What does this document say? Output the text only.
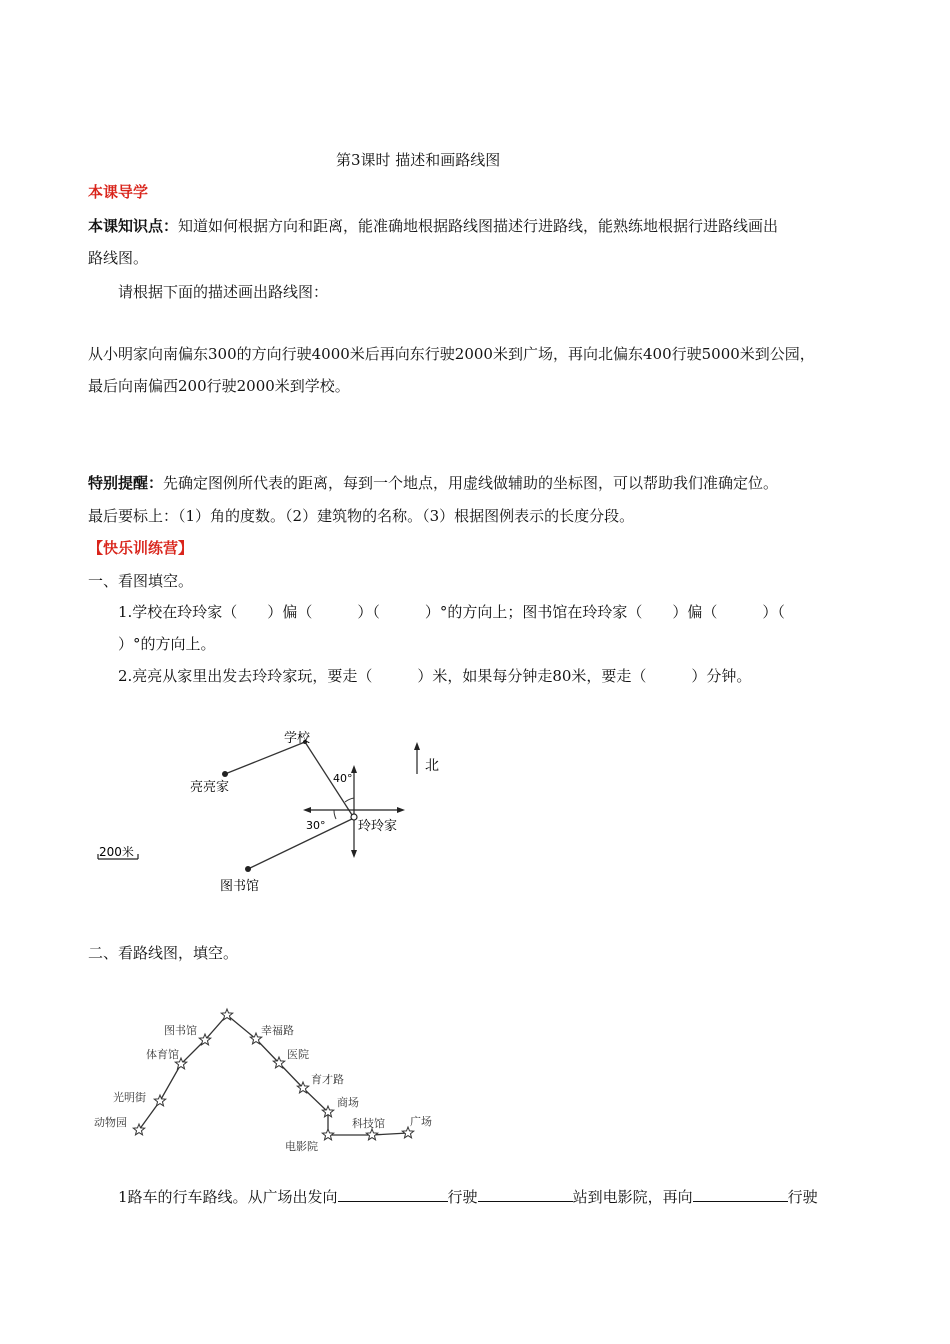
第3课时 描述和画路线图
本课导学
本课知识点：知道如何根据方向和距离，能准确地根据路线图描述行进路线，能熟练地根据行进路线画出
路线图。
请根据下面的描述画出路线图：
从小明家向南偏东300的方向行驶4000米后再向东行驶2000米到广场，再向北偏东400行驶5000米到公园，
最后向南偏西200行驶2000米到学校。
特别提醒：先确定图例所代表的距离，每到一个地点，用虚线做辅助的坐标图，可以帮助我们准确定位。
最后要标上：（1）角的度数。（2）建筑物的名称。（3）根据图例表示的长度分段。
【快乐训练营】
一、看图填空。
1.学校在玲玲家（　　）偏（　　　）（　　　）°的方向上；图书馆在玲玲家（　　）偏（　　　）（
）°的方向上。
2.亮亮从家里出发去玲玲家玩，要走（　　　）米，如果每分钟走80米，要走（　　　）分钟。
学校
亮亮家
玲玲家
图书馆
北
40°
30°
200米
二、看路线图，填空。
动物园
光明街
体育馆
图书馆	幸福路
医院
育才路
商场
电影院
科技馆 广场
1路车的行车路线。从广场出发向	行驶	站到电影院，再向	行驶
